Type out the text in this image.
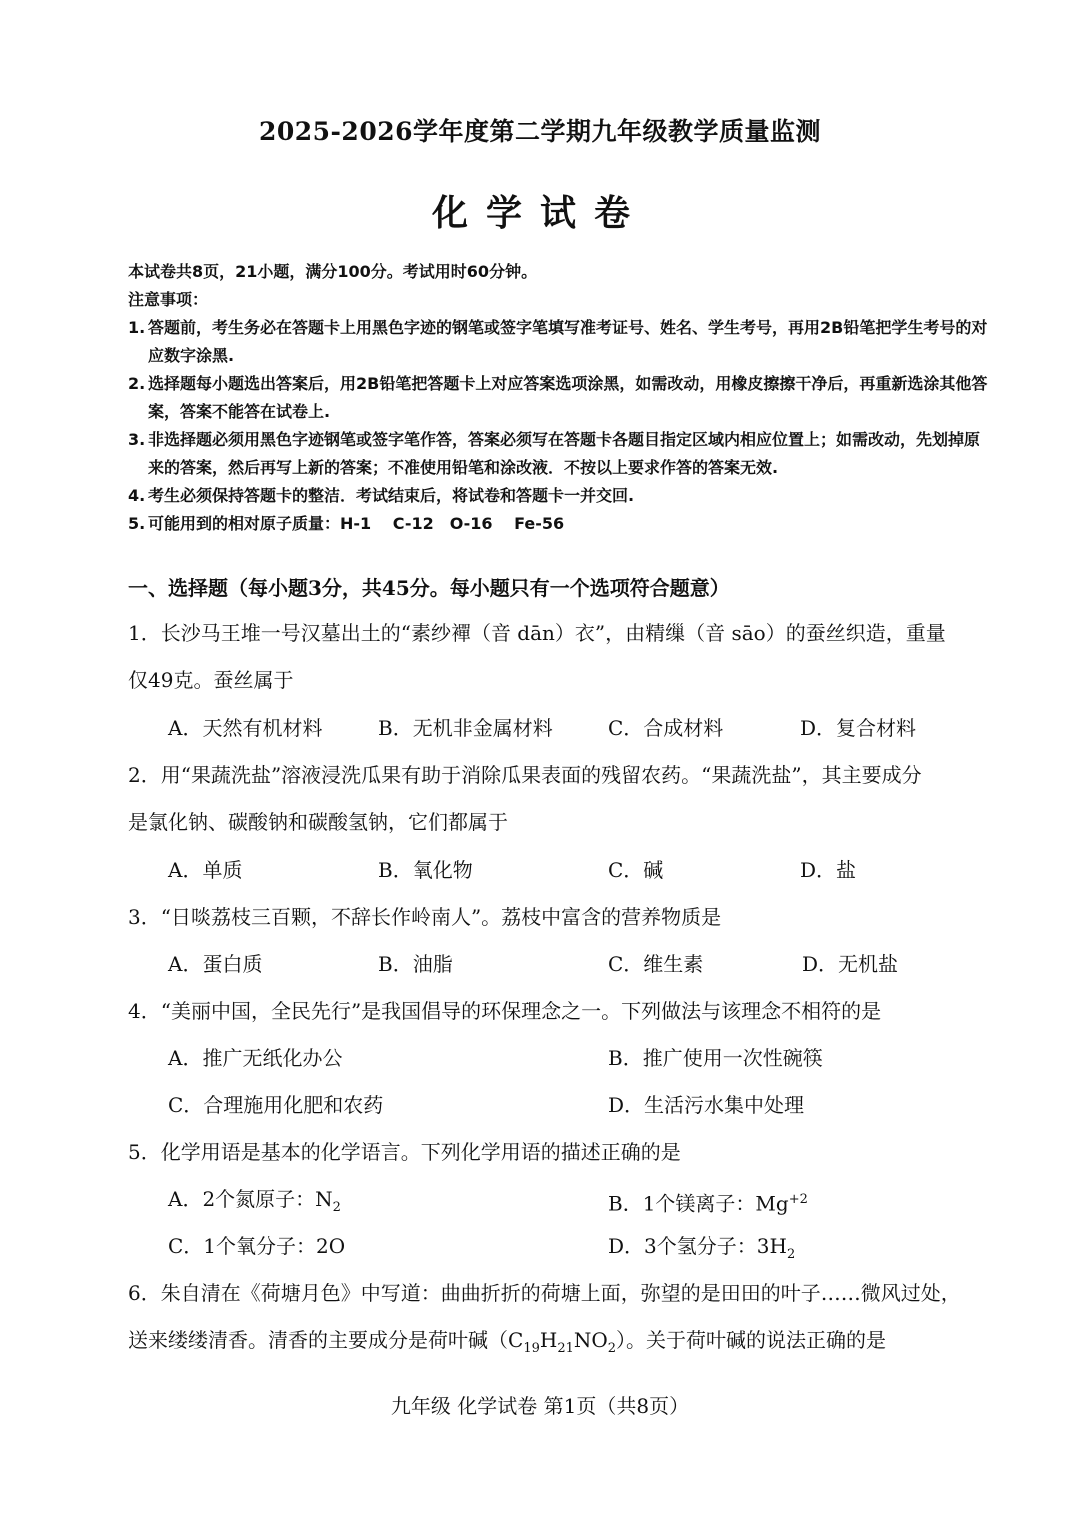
2025-2026学年度第二学期九年级教学质量监测
化学试卷

本试卷共8页，21小题，满分100分。考试用时60分钟。

注意事项：

1. 答题前，考生务必在答题卡上用黑色字迹的钢笔或签字笔填写准考证号、姓名、学生考号，再用2B铅笔把学生考号的对应数字涂黑.
2. 选择题每小题选出答案后，用2B铅笔把答题卡上对应答案选项涂黑，如需改动，用橡皮擦擦干净后，再重新选涂其他答案，答案不能答在试卷上.
3. 非选择题必须用黑色字迹钢笔或签字笔作答，答案必须写在答题卡各题目指定区域内相应位置上；如需改动，先划掉原来的答案，然后再写上新的答案；不准使用铅笔和涂改液．不按以上要求作答的答案无效.
4. 考生必须保持答题卡的整洁．考试结束后，将试卷和答题卡一并交回.
5. 可能用到的相对原子质量：H-1　 C-12　O-16　 Fe-56
一、选择题（每小题3分，共45分。每小题只有一个选项符合题意）
1．长沙马王堆一号汉墓出土的“素纱襌（音 dān）衣”，由精缫（音 sāo）的蚕丝织造，重量
仅49克。蚕丝属于
A．天然有机材料	B．无机非金属材料	C．合成材料	D．复合材料
2．用“果蔬洗盐”溶液浸洗瓜果有助于消除瓜果表面的残留农药。“果蔬洗盐”，其主要成分
是氯化钠、碳酸钠和碳酸氢钠，它们都属于
A．单质	B．氧化物	C．碱	D．盐
3．“日啖荔枝三百颗，不辞长作岭南人”。荔枝中富含的营养物质是
A．蛋白质	B．油脂	C．维生素	D．无机盐
4．“美丽中国，全民先行”是我国倡导的环保理念之一。下列做法与该理念不相符的是
A．推广无纸化办公	B．推广使用一次性碗筷
C．合理施用化肥和农药	D．生活污水集中处理
5．化学用语是基本的化学语言。下列化学用语的描述正确的是
A．2个氮原子：$N_2$	B．1个镁离子：$Mg^{+2}$
C．1个氧分子：2O	D．3个氢分子：$3H_2$
6．朱自清在《荷塘月色》中写道：曲曲折折的荷塘上面，弥望的是田田的叶子……微风过处，
送来缕缕清香。清香的主要成分是荷叶碱$(C_{19}H_{21}NO_2)$。关于荷叶碱的说法正确的是
九年级 化学试卷 第1页（共8页）
